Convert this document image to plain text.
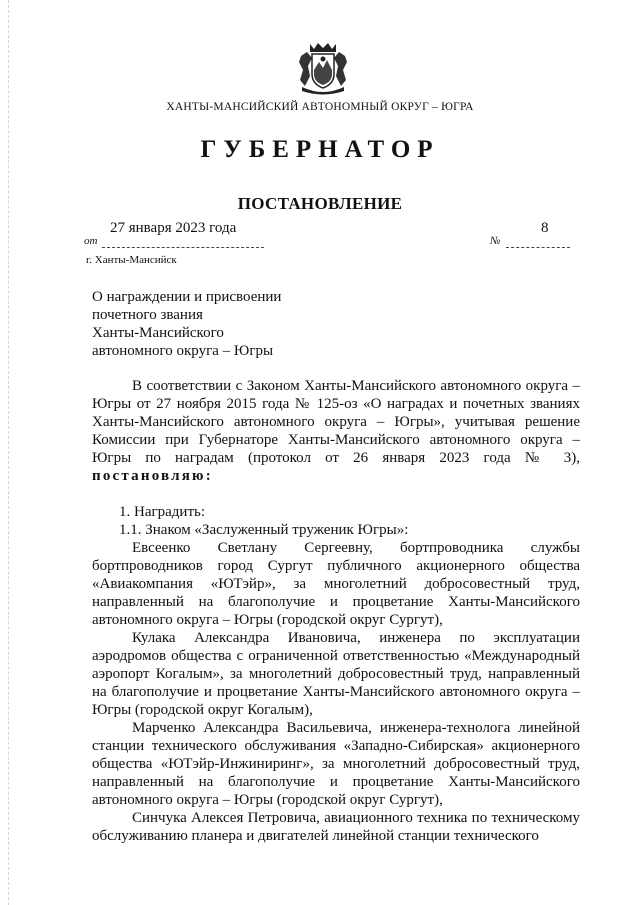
ХАНТЫ-МАНСИЙСКИЙ АВТОНОМНЫЙ ОКРУГ – ЮГРА
ГУБЕРНАТОР
ПОСТАНОВЛЕНИЕ
27 января 2023 года	8
от	№
г. Ханты-Мансийск
О награждении и присвоении
почетного звания
Ханты-Мансийского
автономного округа – Югры

В соответствии с Законом Ханты-Мансийского автономного округа – Югры от 27 ноября 2015 года № 125-оз «О наградах и почетных званиях Ханты-Мансийского автономного округа – Югры», учитывая решение Комиссии при Губернаторе Ханты-Мансийского автономного округа – Югры по наградам (протокол от 26 января 2023 года № 3), постановляю:

1. Наградить:

1.1. Знаком «Заслуженный труженик Югры»:

Евсеенко Светлану Сергеевну, бортпроводника службы бортпроводников город Сургут публичного акционерного общества «Авиакомпания «ЮТэйр», за многолетний добросовестный труд, направленный на благополучие и процветание Ханты-Мансийского автономного округа – Югры (городской округ Сургут),

Кулака Александра Ивановича, инженера по эксплуатации аэродромов общества с ограниченной ответственностью «Международный аэропорт Когалым», за многолетний добросовестный труд, направленный на благополучие и процветание Ханты-Мансийского автономного округа – Югры (городской округ Когалым),

Марченко Александра Васильевича, инженера-технолога линейной станции технического обслуживания «Западно-Сибирская» акционерного общества «ЮТэйр-Инжиниринг», за многолетний добросовестный труд, направленный на благополучие и процветание Ханты-Мансийского автономного округа – Югры (городской округ Сургут),

Синчука Алексея Петровича, авиационного техника по техническому обслуживанию планера и двигателей линейной станции технического
